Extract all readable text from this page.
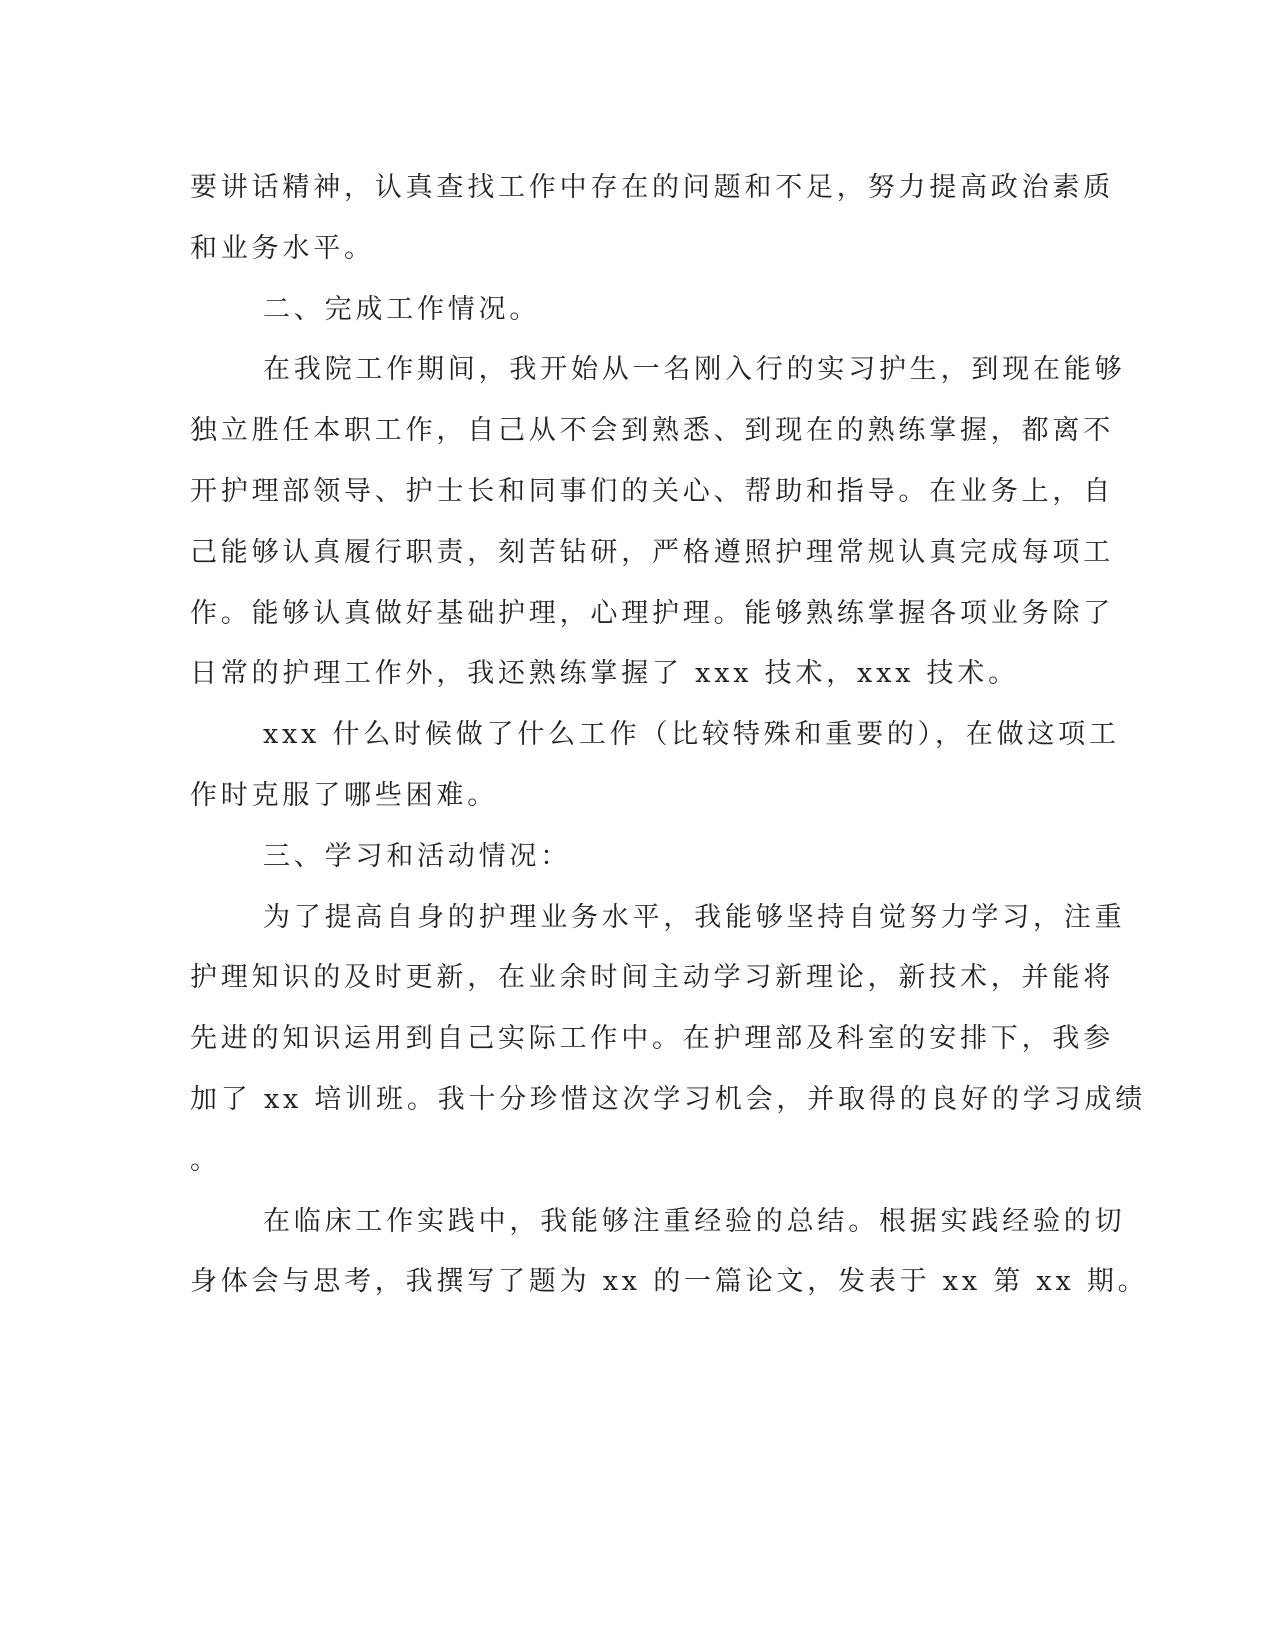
要讲话精神，认真查找工作中存在的问题和不足，努力提高政治素质
和业务水平。
二、完成工作情况。
在我院工作期间，我开始从一名刚入行的实习护生，到现在能够
独立胜任本职工作，自己从不会到熟悉、到现在的熟练掌握，都离不
开护理部领导、护士长和同事们的关心、帮助和指导。在业务上，自
己能够认真履行职责，刻苦钻研，严格遵照护理常规认真完成每项工
作。能够认真做好基础护理，心理护理。能够熟练掌握各项业务除了
日常的护理工作外，我还熟练掌握了 xxx 技术，xxx 技术。
xxx 什么时候做了什么工作（比较特殊和重要的），在做这项工
作时克服了哪些困难。
三、学习和活动情况：
为了提高自身的护理业务水平，我能够坚持自觉努力学习，注重
护理知识的及时更新，在业余时间主动学习新理论，新技术，并能将
先进的知识运用到自己实际工作中。在护理部及科室的安排下，我参
加了 xx 培训班。我十分珍惜这次学习机会，并取得的良好的学习成绩
。
在临床工作实践中，我能够注重经验的总结。根据实践经验的切
身体会与思考，我撰写了题为 xx 的一篇论文，发表于 xx 第 xx 期。
